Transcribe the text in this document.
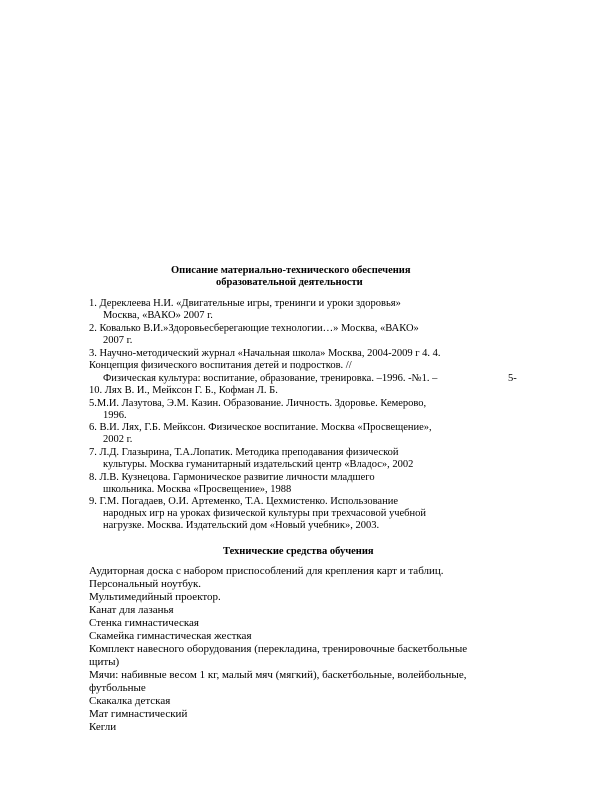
Описание материально-технического обеспечения
образовательной деятельности
1. Дереклеева Н.И. «Двигательные игры, тренинги и уроки здоровья»
Москва, «ВАКО» 2007 г.
2. Ковалько В.И.»Здоровьесберегающие технологии…» Москва, «ВАКО»
2007 г.
3. Научно-методический журнал «Начальная школа» Москва, 2004-2009 г 4. 4.
Концепция физического воспитания детей и подростков. //
Физическая культура: воспитание, образование, тренировка. –1996. -№1. –	5-
10. Лях В. И., Мейксон Г. Б., Кофман Л. Б.
5.М.И. Лазутова, Э.М. Казин. Образование. Личность. Здоровье. Кемерово,
1996.
6. В.И. Лях, Г.Б. Мейксон. Физическое воспитание. Москва «Просвещение»,
2002 г.
7. Л.Д. Глазырина, Т.А.Лопатик. Методика преподавания физической
культуры. Москва гуманитарный издательский центр «Владос», 2002
8. Л.В. Кузнецова. Гармоническое развитие личности младшего
школьника. Москва «Просвещение», 1988
9. Г.М. Погадаев, О.И. Артеменко, Т.А. Цехмистенко. Использование
народных игр на уроках физической культуры при трехчасовой учебной
нагрузке. Москва. Издательский дом «Новый учебник», 2003.
Технические средства обучения
Аудиторная доска с набором приспособлений для крепления карт и таблиц.
Персональный ноутбук.
Мультимедийный проектор.
Канат для лазанья
Стенка гимнастическая
Скамейка гимнастическая жесткая
Комплект навесного оборудования (перекладина, тренировочные баскетбольные
щиты)
Мячи: набивные весом 1 кг, малый мяч (мягкий), баскетбольные, волейбольные,
футбольные
Скакалка детская
Мат гимнастический
Кегли
